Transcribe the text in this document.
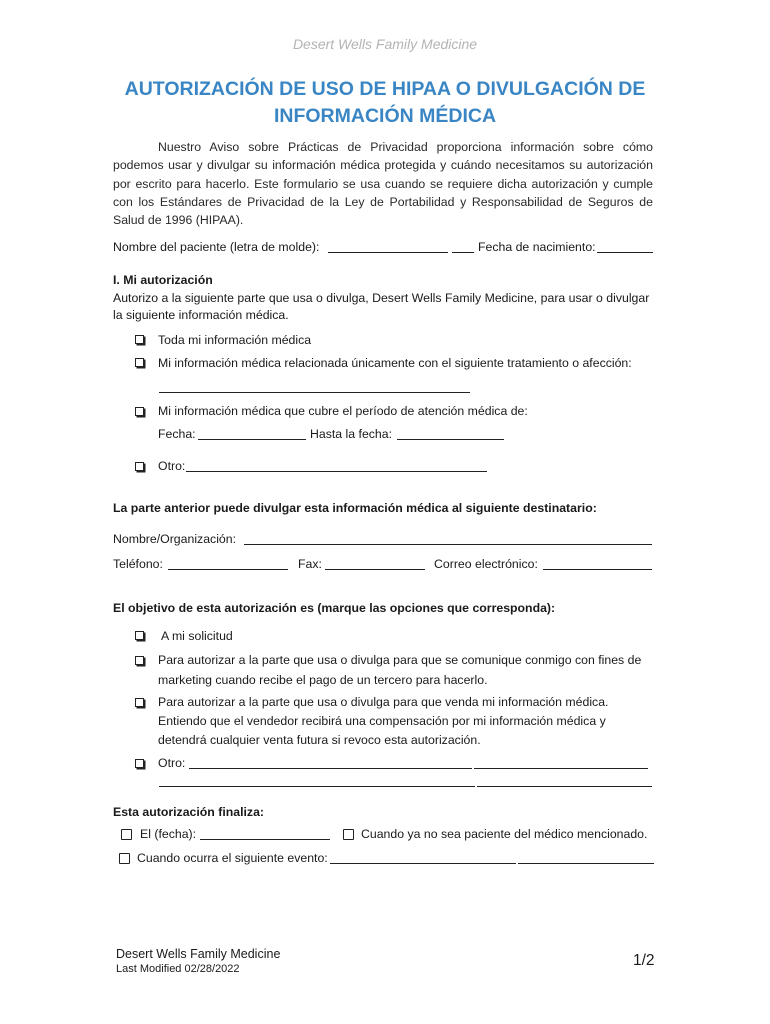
Desert Wells Family Medicine
AUTORIZACIÓN DE USO DE HIPAA O DIVULGACIÓN DE
INFORMACIÓN MÉDICA
Nuestro Aviso sobre Prácticas de Privacidad proporciona información sobre cómo podemos usar y divulgar su información médica protegida y cuándo necesitamos su autorización por escrito para hacerlo. Este formulario se usa cuando se requiere dicha autorización y cumple con los Estándares de Privacidad de la Ley de Portabilidad y Responsabilidad de Seguros de Salud de 1996 (HIPAA).
Nombre del paciente (letra de molde):	Fecha de nacimiento:
I. Mi autorización
Autorizo a la siguiente parte que usa o divulga, Desert Wells Family Medicine, para usar o divulgar la siguiente información médica.
Toda mi información médica
Mi información médica relacionada únicamente con el siguiente tratamiento o afección:
Mi información médica que cubre el período de atención médica de:
Fecha:	Hasta la fecha:
Otro:
La parte anterior puede divulgar esta información médica al siguiente destinatario:
Nombre/Organización:
Teléfono:	Fax:	Correo electrónico:
El objetivo de esta autorización es (marque las opciones que corresponda):
A mi solicitud
Para autorizar a la parte que usa o divulga para que se comunique conmigo con fines de
marketing cuando recibe el pago de un tercero para hacerlo.
Para autorizar a la parte que usa o divulga para que venda mi información médica.
Entiendo que el vendedor recibirá una compensación por mi información médica y
detendrá cualquier venta futura si revoco esta autorización.
Otro:
Esta autorización finaliza:
El (fecha):	Cuando ya no sea paciente del médico mencionado.
Cuando ocurra el siguiente evento:
Desert Wells Family Medicine
Last Modified 02/28/2022	1/2
